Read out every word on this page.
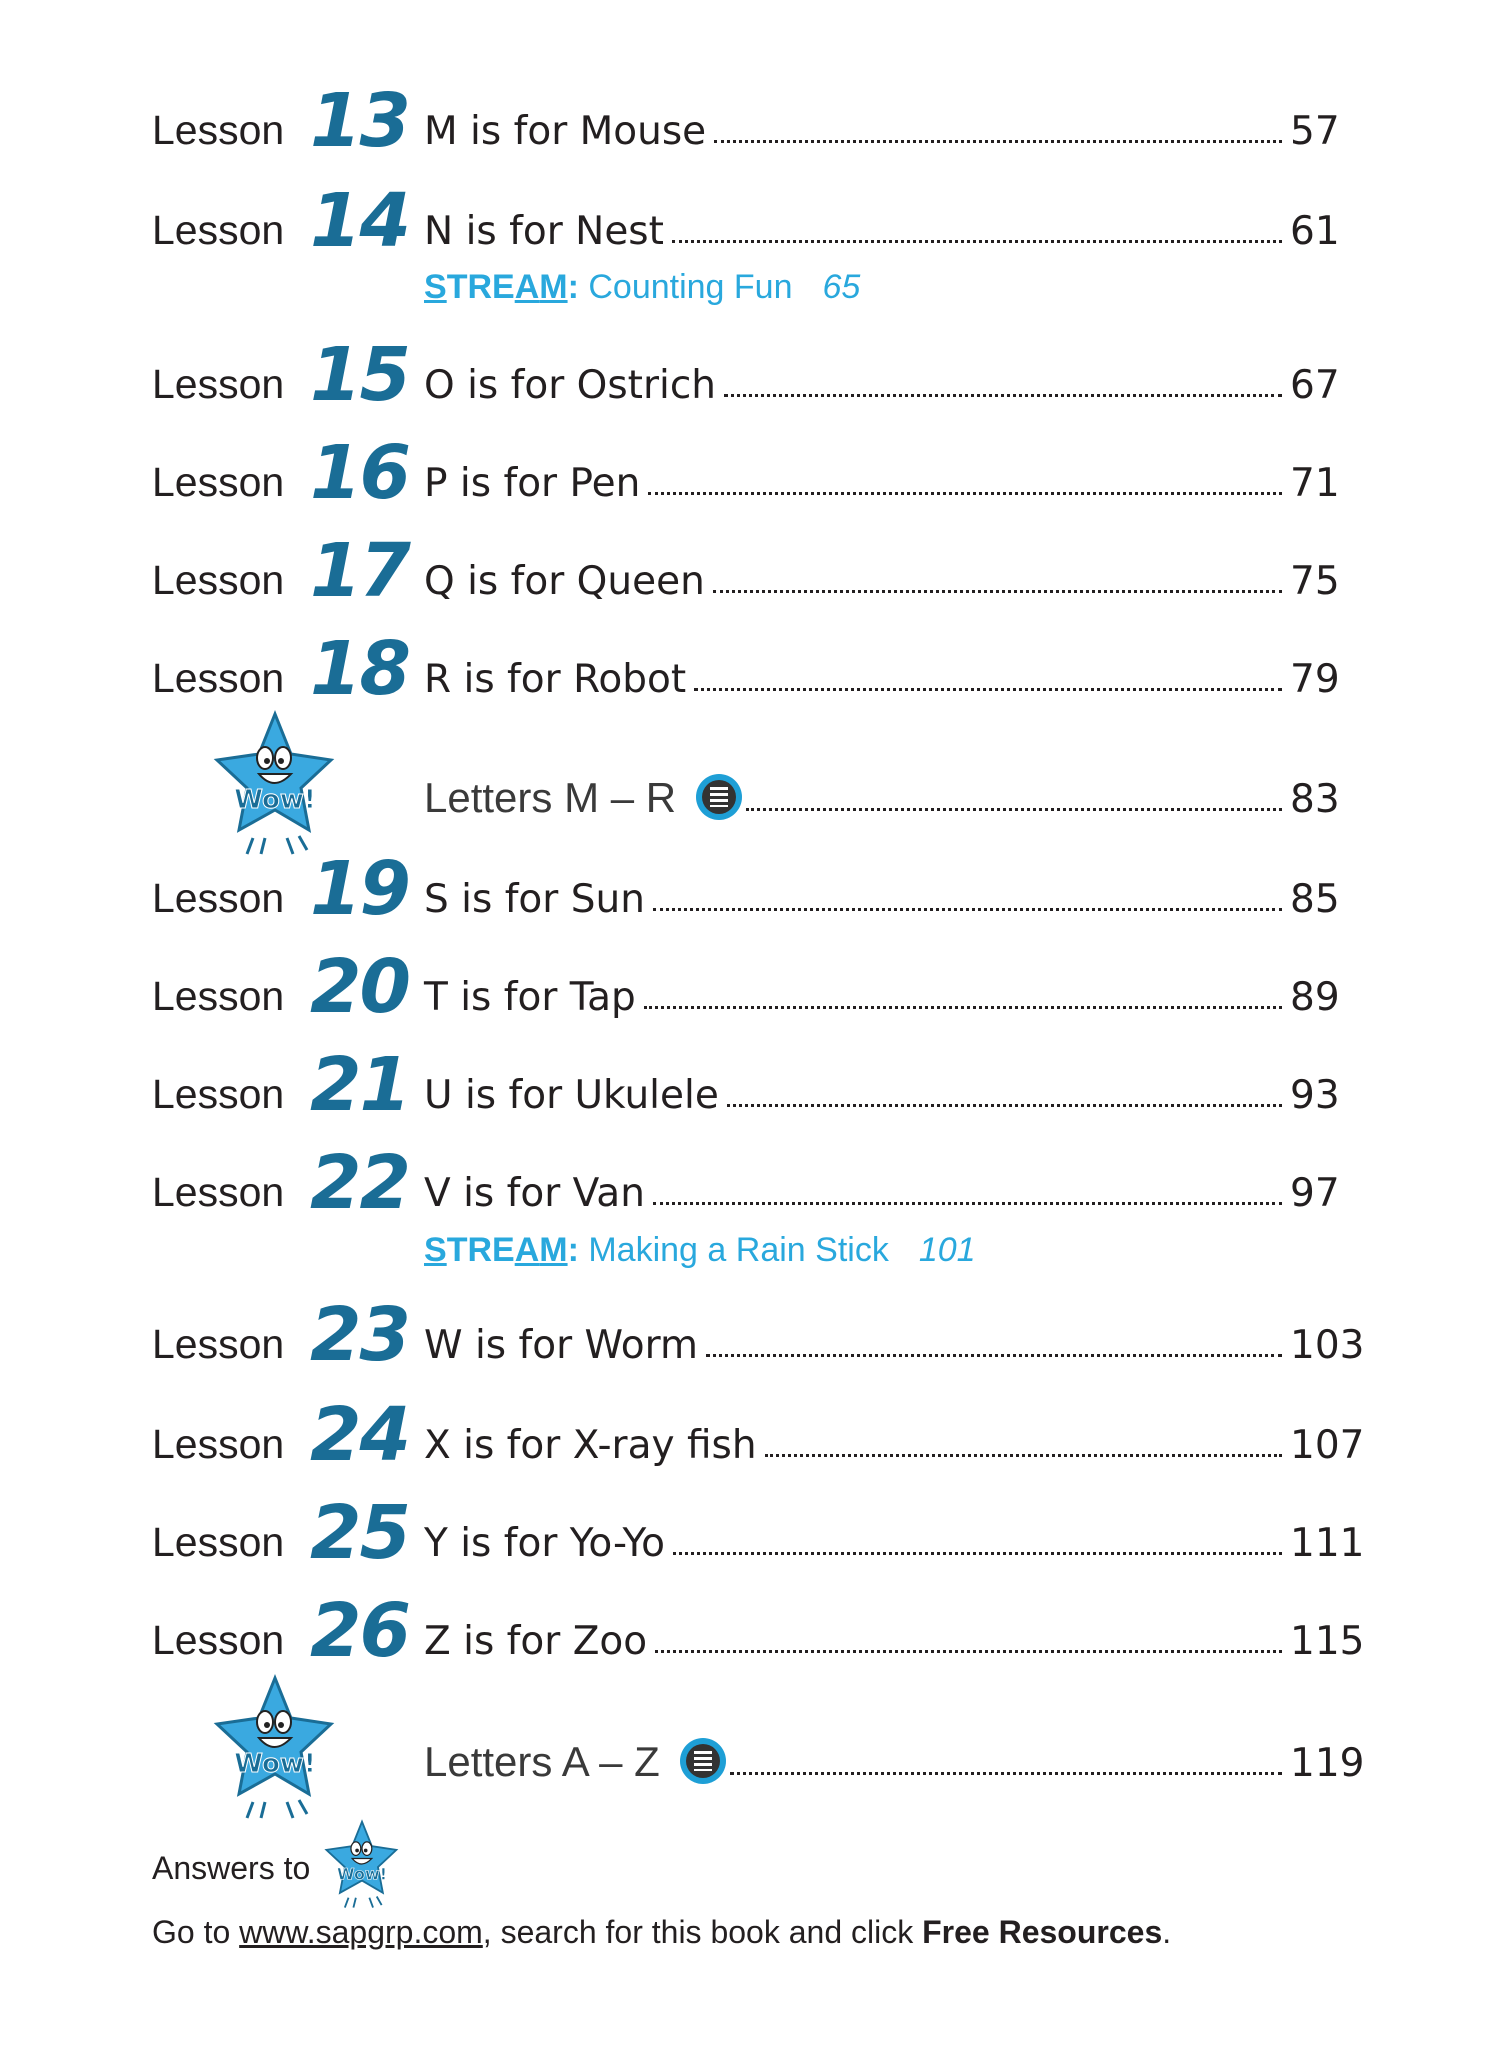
Lesson 13 M is for Mouse	57
Lesson 14 N is for Nest	61
STREAM: Counting Fun 65
Lesson 15 O is for Ostrich	67
Lesson 16 P is for Pen	71
Lesson 17 Q is for Queen	75
Lesson 18 R is for Robot	79
Wow!	Letters M – R	83
Lesson 19 S is for Sun	85
Lesson 20 T is for Tap	89
Lesson 21 U is for Ukulele	93
Lesson 22 V is for Van	97
STREAM: Making a Rain Stick 101
Lesson 23 W is for Worm	103
Lesson 24 X is for X-ray fish	107
Lesson 25 Y is for Yo-Yo	111
Lesson 26 Z is for Zoo	115
Wow!	Letters A – Z	119
Answers to Wow!
Go to www.sapgrp.com, search for this book and click Free Resources.
